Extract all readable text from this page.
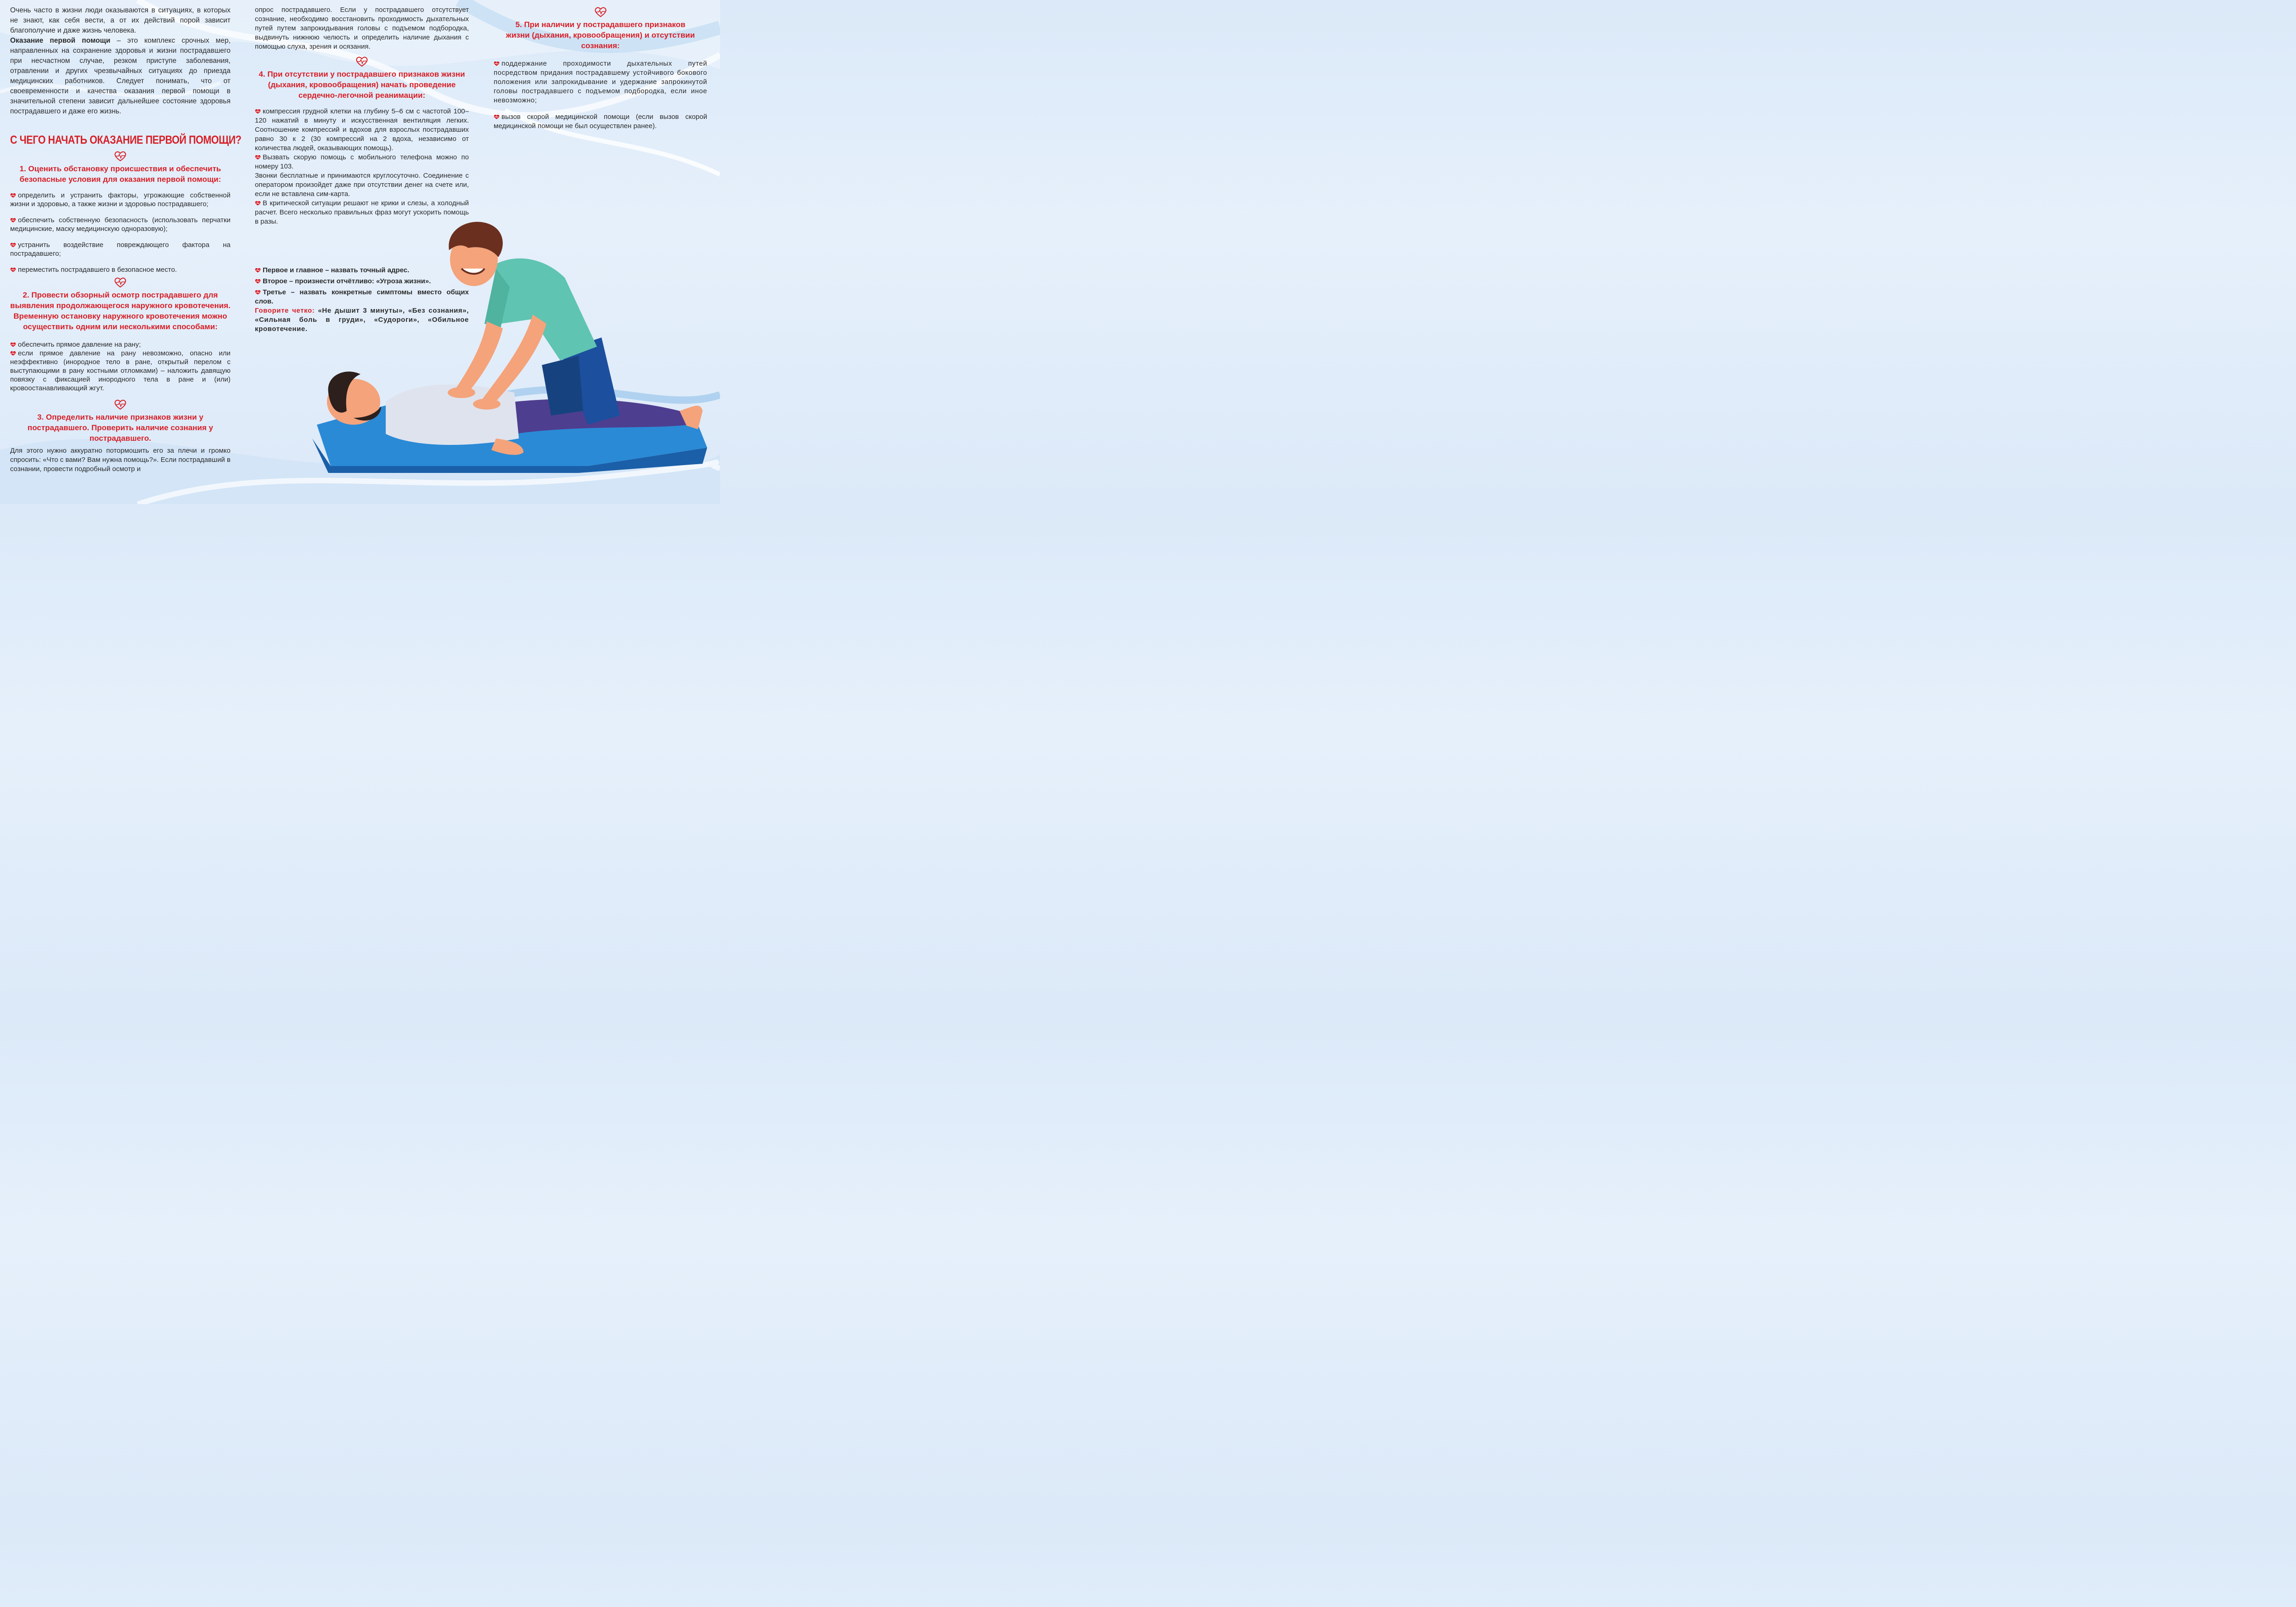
Очень часто в жизни люди оказываются в ситуациях, в которых не знают, как себя вести, а от их действий порой зависит благополучие и даже жизнь человека.

Оказание первой помощи – это комплекс срочных мер, направленных на сохранение здоровья и жизни пострадавшего при несчастном случае, резком приступе заболевания, отравлении и других чрезвычайных ситуациях до приезда медицинских работников. Следует понимать, что от своевременности и качества оказания первой помощи в значительной степени зависит дальнейшее состояние здоровья пострадавшего и даже его жизнь.

С ЧЕГО НАЧАТЬ ОКАЗАНИЕ ПЕРВОЙ ПОМОЩИ?

1. Оценить обстановку происшествия и обеспечить безопасные условия для оказания первой помощи:

определить и устранить факторы, угрожающие собственной жизни и здоровью, а также жизни и здоровью пострадавшего;

обеспечить собственную безопасность (использовать перчатки медицинские, маску медицинскую одноразовую);

устранить воздействие повреждающего фактора на пострадавшего;

переместить пострадавшего в безопасное место.

2. Провести обзорный осмотр пострадавшего для выявления продолжающегося наружного кровотечения. Временную остановку наружного кровотечения можно осуществить одним или несколькими способами:

обеспечить прямое давление на рану;

если прямое давление на рану невозможно, опасно или неэффективно (инородное тело в ране, открытый перелом с выступающими в рану костными отломками) – наложить давящую повязку с фиксацией инородного тела в ране и (или) кровоостанавливающий жгут.

3. Определить наличие признаков жизни у пострадавшего. Проверить наличие сознания у пострадавшего.

Для этого нужно аккуратно потормошить его за плечи и громко спросить: «Что с вами? Вам нужна помощь?». Если пострадавший в сознании, провести подробный осмотр и

опрос пострадавшего. Если у пострадавшего отсутствует сознание, необходимо восстановить проходимость дыхательных путей путем запрокидывания головы с подъемом подбородка, выдвинуть нижнюю челюсть и определить наличие дыхания с помощью слуха, зрения и осязания.

4. При отсутствии у пострадавшего признаков жизни (дыхания, кровообращения) начать проведение сердечно-легочной реанимации:

компрессия грудной клетки на глубину 5–6 см с частотой 100–120 нажатий в минуту и искусственная вентиляция легких. Соотношение компрессий и вдохов для взрослых пострадавших равно 30 к 2 (30 компрессий на 2 вдоха, независимо от количества людей, оказывающих помощь).

Вызвать скорую помощь с мобильного телефона можно по номеру 103.

Звонки бесплатные и принимаются круглосуточно. Соединение с оператором произойдет даже при отсутствии денег на счете или, если не вставлена сим-карта.

В критической ситуации решают не крики и слезы, а холодный расчет. Всего несколько правильных фраз могут ускорить помощь в разы.

Первое и главное – назвать точный адрес.

Второе – произнести отчётливо: «Угроза жизни».

Третье – назвать конкретные симптомы вместо общих слов.

Говорите четко: «Не дышит 3 минуты», «Без сознания», «Сильная боль в груди», «Судороги», «Обильное кровотечение.

5. При наличии у пострадавшего признаков жизни (дыхания, кровообращения) и отсутствии сознания:

поддержание проходимости дыхательных путей посредством придания пострадавшему устойчивого бокового положения или запрокидывание и удержание запрокинутой головы пострадавшего с подъемом подбородка, если иное невозможно;

вызов скорой медицинской помощи (если вызов скорой медицинской помощи не был осуществлен ранее).
